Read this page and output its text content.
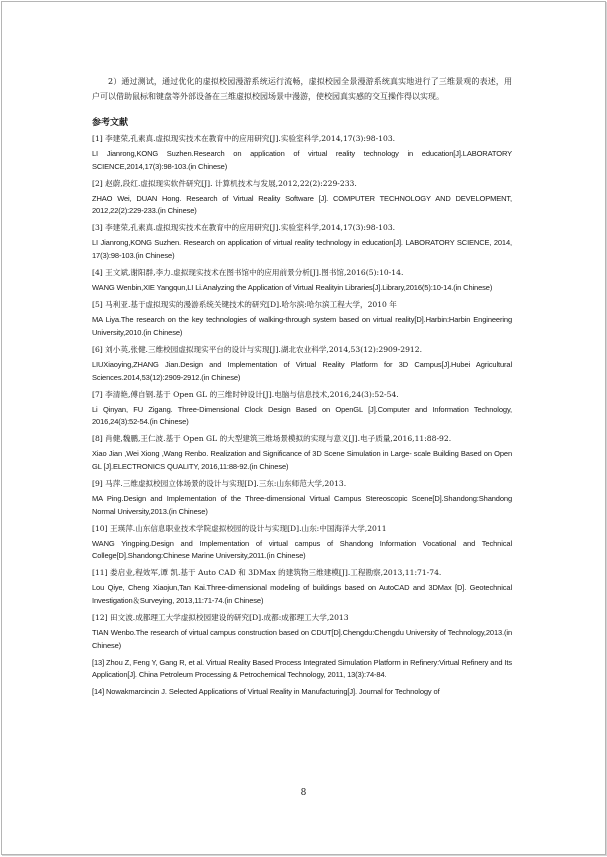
2）通过测试，通过优化的虚拟校园漫游系统运行流畅，虚拟校园全景漫游系统真实地进行了三维景观的表述，用户可以借助鼠标和键盘等外部设备在三维虚拟校园场景中漫游，使校园真实感的交互操作得以实现。

参考文献
[1] 李建荣,孔素真.虚拟现实技术在教育中的应用研究[J].实验室科学,2014,17(3):98-103.
LI Jianrong,KONG Suzhen.Research on application of virtual reality technology in education[J].LABORATORY SCIENCE,2014,17(3):98-103.(in Chinese)
[2] 赵蔚,段红.虚拟现实软件研究[J]. 计算机技术与发展,2012,22(2):229-233.
ZHAO Wei, DUAN Hong. Research of Virtual Reality Software [J]. COMPUTER TECHNOLOGY AND DEVELOPMENT, 2012,22(2):229-233.(in Chinese)
[3] 李建荣,孔素真.虚拟现实技术在教育中的应用研究[J].实验室科学,2014,17(3):98-103.
LI Jianrong,KONG Suzhen. Research on application of virtual reality technology in education[J]. LABORATORY SCIENCE, 2014, 17(3):98-103.(in Chinese)
[4] 王文斌,谢阳群,李力.虚拟现实技术在图书馆中的应用前景分析[J].图书馆,2016(5):10-14.
WANG Wenbin,XIE Yangqun,LI Li.Analyzing the Application of Virtual Realityin Libraries[J].Library,2016(5):10-14.(in Chinese)
[5] 马利亚.基于虚拟现实的漫游系统关键技术的研究[D].哈尔滨:哈尔滨工程大学，2010 年
MA Liya.The research on the key technologies of walking-through system based on virtual reality[D].Harbin:Harbin Engineering University,2010.(in Chinese)
[6] 刘小英,张健.三维校园虚拟现实平台的设计与实现[J].湖北农业科学,2014,53(12):2909-2912.
LIUXiaoying,ZHANG Jian.Design and Implementation of Virtual Reality Platform for 3D Campus[J].Hubei Agricultural Sciences.2014,53(12):2909-2912.(in Chinese)
[7] 李清艳,傅自钢.基于 Open GL 的三维时钟设计[J].电脑与信息技术,2016,24(3):52-54.
Li Qinyan, FU Zigang. Three-Dimensional Clock Design Based on OpenGL [J].Computer and Information Technology, 2016,24(3):52-54.(in Chinese)
[8] 肖健,魏鹏,王仁波.基于 Open GL 的大型建筑三维场景模拟的实现与意义[J].电子质量,2016,11:88-92.
Xiao Jian ,Wei Xiong ,Wang Renbo. Realization and Significance of 3D Scene Simulation in Large- scale Building Based on Open GL [J].ELECTRONICS QUALITY, 2016,11:88-92.(in Chinese)
[9] 马萍.三维虚拟校园立体场景的设计与实现[D].三东:山东师范大学,2013.
MA Ping.Design and Implementation of the Three-dimensional Virtual Campus Stereoscopic Scene[D].Shandong:Shandong Normal University,2013.(in Chinese)
[10] 王瑛萍.山东信息职业技术学院虚拟校园的设计与实现[D].山东:中国海洋大学,2011
WANG Yingping.Design and Implementation of virtual campus of Shandong Information Vocational and Technical College[D].Shandong:Chinese Marine University,2011.(in Chinese)
[11] 娄启业,程效军,谭 凯.基于 Auto CAD 和 3DMax 的建筑物三维建模[J].工程勘察,2013,11:71-74.
Lou Qiye, Cheng Xiaojun,Tan Kai.Three-dimensional modeling of buildings based on AutoCAD and 3DMax [D]. Geotechnical Investigation＆Surveying, 2013,11:71-74.(in Chinese)
[12] 田文波.成都理工大学虚拟校园建设的研究[D].成都:成都理工大学,2013
TIAN Wenbo.The research of virtual campus construction based on CDUT[D].Chengdu:Chengdu University of Technology,2013.(in Chinese)
[13] Zhou Z, Feng Y, Gang R, et al. Virtual Reality Based Process Integrated Simulation Platform in Refinery:Virtual Refinery and Its Application[J]. China Petroleum Processing & Petrochemical Technology, 2011, 13(3):74-84.
[14] Nowakmarcincin J. Selected Applications of Virtual Reality in Manufacturing[J]. Journal for Technology of
8
